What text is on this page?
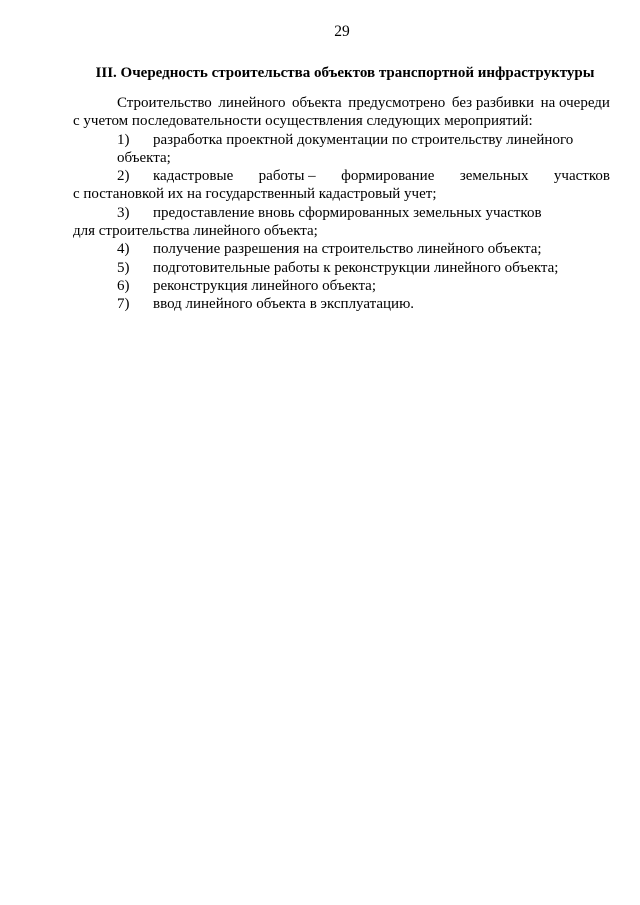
29
III. Очередность строительства объектов транспортной инфраструктуры
Строительство линейного объекта предусмотрено без разбивки на очереди
с учетом последовательности осуществления следующих мероприятий:
1)	разработка проектной документации по строительству линейного
объекта;
2)	кадастровые работы – формирование земельных участков
с постановкой их на государственный кадастровый учет;
3)	предоставление вновь сформированных земельных участков
для строительства линейного объекта;
4)	получение разрешения на строительство линейного объекта;
5)	подготовительные работы к реконструкции линейного объекта;
6)	реконструкция линейного объекта;
7)	ввод линейного объекта в эксплуатацию.
